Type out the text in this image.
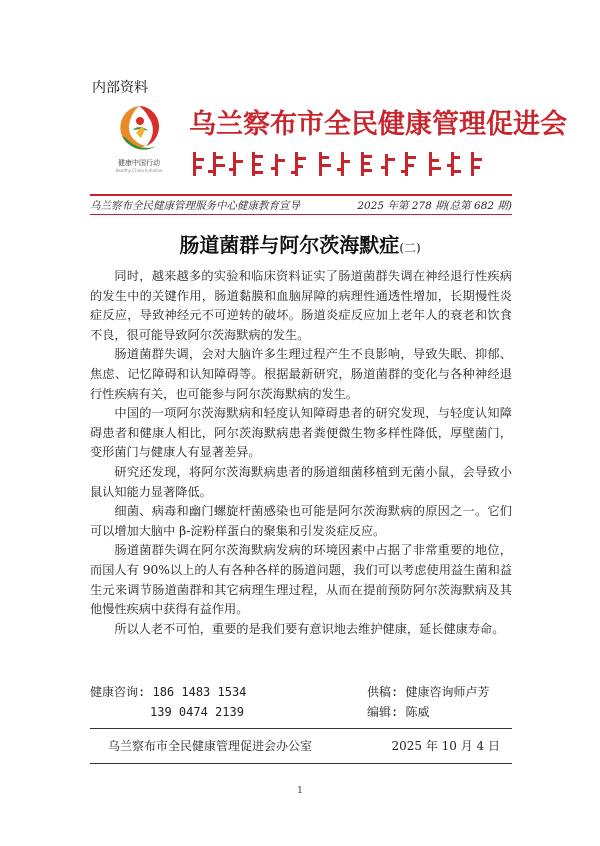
内部资料
健康中国行动
Healthy China Initiative
乌兰察布市全民健康管理促进会
乌兰察布全民健康管理服务中心健康教育宣导	2025 年第 278 期(总第 682 期)
肠道菌群与阿尔茨海默症(二)

同时，越来越多的实验和临床资料证实了肠道菌群失调在神经退行性疾病的发生中的关键作用，肠道黏膜和血脑屏障的病理性通透性增加，长期慢性炎症反应，导致神经元不可逆转的破坏。肠道炎症反应加上老年人的衰老和饮食不良，很可能导致阿尔茨海默病的发生。

肠道菌群失调，会对大脑许多生理过程产生不良影响，导致失眠、抑郁、焦虑、记忆障碍和认知障碍等。根据最新研究，肠道菌群的变化与各种神经退行性疾病有关，也可能参与阿尔茨海默病的发生。

中国的一项阿尔茨海默病和轻度认知障碍患者的研究发现，与轻度认知障碍患者和健康人相比，阿尔茨海默病患者粪便微生物多样性降低，厚壁菌门，变形菌门与健康人有显著差异。

研究还发现，将阿尔茨海默病患者的肠道细菌移植到无菌小鼠，会导致小鼠认知能力显著降低。

细菌、病毒和幽门螺旋杆菌感染也可能是阿尔茨海默病的原因之一。它们可以增加大脑中 β-淀粉样蛋白的聚集和引发炎症反应。

肠道菌群失调在阿尔茨海默病发病的环境因素中占据了非常重要的地位，而国人有 90%以上的人有各种各样的肠道问题，我们可以考虑使用益生菌和益生元来调节肠道菌群和其它病理生理过程，从而在提前预防阿尔茨海默病及其他慢性疾病中获得有益作用。

所以人老不可怕，重要的是我们要有意识地去维护健康，延长健康寿命。

健康咨询: 186 1483 1534
139 0474 2139
供稿: 健康咨询师卢芳
编辑: 陈威
乌兰察布市全民健康管理促进会办公室	2025 年 10 月 4 日
1
